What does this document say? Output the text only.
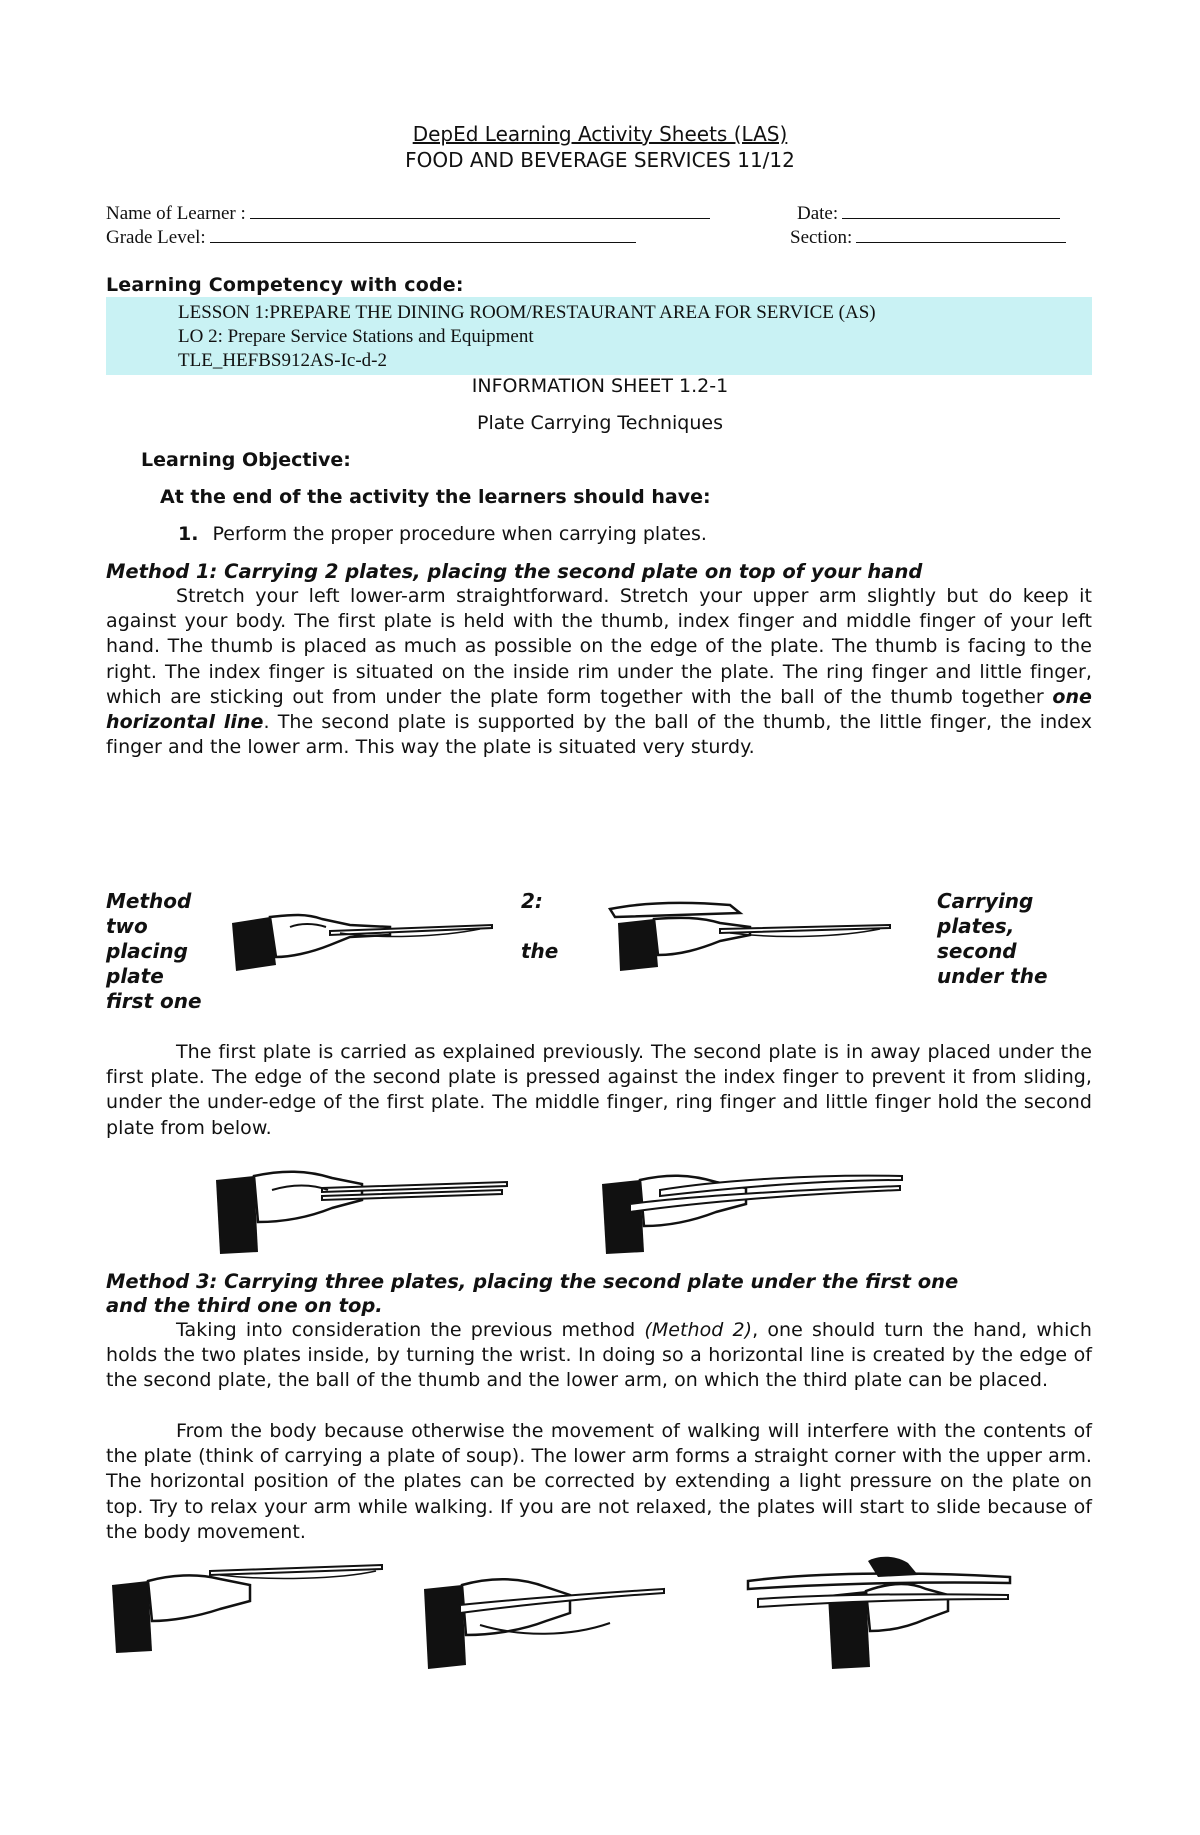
DepEd Learning Activity Sheets (LAS)
FOOD AND BEVERAGE SERVICES 11/12
Name of Learner :	Date:
Grade Level:	Section:
Learning Competency with code:
LESSON 1:PREPARE THE DINING ROOM/RESTAURANT AREA FOR SERVICE (AS)
LO 2: Prepare Service Stations and Equipment
TLE_HEFBS912AS-Ic-d-2
INFORMATION SHEET 1.2-1
Plate Carrying Techniques
Learning Objective:
At the end of the activity the learners should have:
1. Perform the proper procedure when carrying plates.
Method 1: Carrying 2 plates, placing the second plate on top of your hand
Stretch your left lower-arm straightforward. Stretch your upper arm slightly but do keep it against your body. The first plate is held with the thumb, index finger and middle finger of your left hand. The thumb is placed as much as possible on the edge of the plate. The thumb is facing to the right. The index finger is situated on the inside rim under the plate. The ring finger and little finger, which are sticking out from under the plate form together with the ball of the thumb together one horizontal line. The second plate is supported by the ball of the thumb, the little finger, the index finger and the lower arm. This way the plate is situated very sturdy.
Method
two
placing
plate
first one
2:
the
Carrying
plates,
second
under the
The first plate is carried as explained previously. The second plate is in away placed under the first plate. The edge of the second plate is pressed against the index finger to prevent it from sliding, under the under-edge of the first plate. The middle finger, ring finger and little finger hold the second plate from below.
Method 3: Carrying three plates, placing the second plate under the first one
and the third one on top.
Taking into consideration the previous method (Method 2), one should turn the hand, which holds the two plates inside, by turning the wrist. In doing so a horizontal line is created by the edge of the second plate, the ball of the thumb and the lower arm, on which the third plate can be placed.
From the body because otherwise the movement of walking will interfere with the contents of the plate (think of carrying a plate of soup). The lower arm forms a straight corner with the upper arm. The horizontal position of the plates can be corrected by extending a light pressure on the plate on top. Try to relax your arm while walking. If you are not relaxed, the plates will start to slide because of the body movement.
